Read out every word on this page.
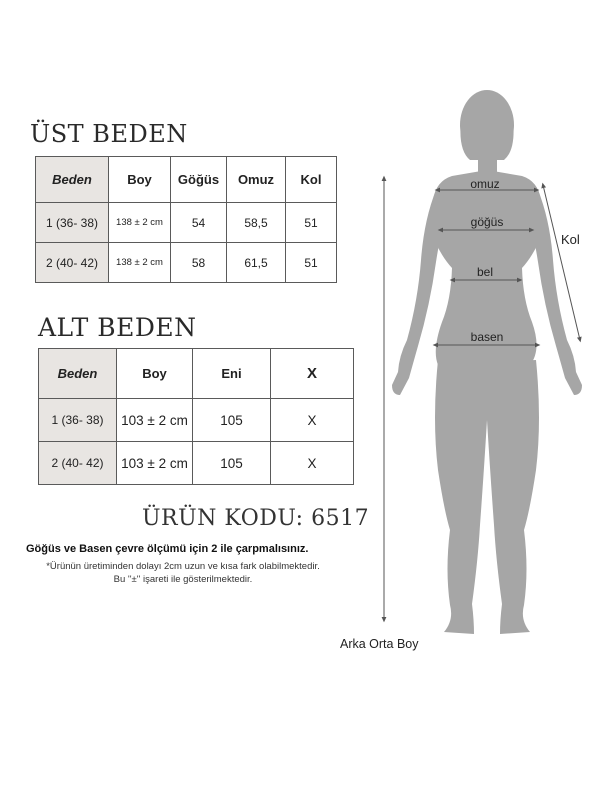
ÜST BEDEN
Beden	Boy	Göğüs	Omuz	Kol
1 (36- 38)	138 ± 2 cm	54	58,5	51
2 (40- 42)	138 ± 2 cm	58	61,5	51
ALT BEDEN
Beden	Boy	Eni	X
1 (36- 38)	103 ± 2 cm	105	X
2 (40- 42)	103 ± 2 cm	105	X
ÜRÜN KODU: 6517
Göğüs ve Basen çevre ölçümü için 2 ile çarpmalısınız.
*Ürünün üretiminden dolayı 2cm uzun ve kısa fark olabilmektedir.
Bu ''±'' işareti ile gösterilmektedir.
omuz
göğüs
bel
basen
Kol
Arka Orta Boy
